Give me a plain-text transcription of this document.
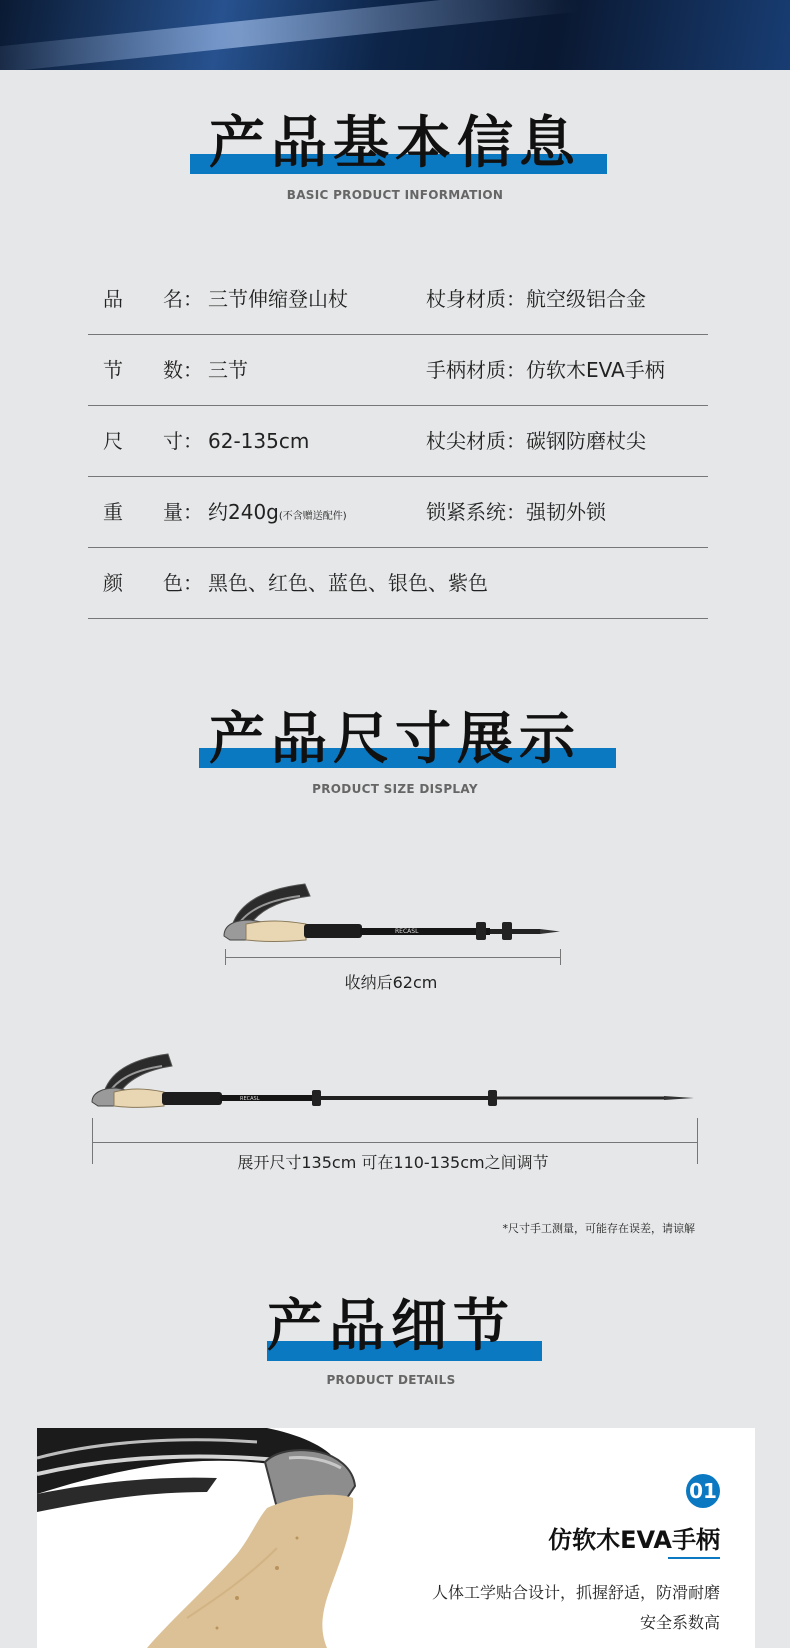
产品基本信息
BASIC PRODUCT INFORMATION
品　　名： 三节伸缩登山杖	杖身材质：航空级铝合金
节　　数： 三节	手柄材质：仿软木EVA手柄
尺　　寸： 62-135cm	杖尖材质：碳钢防磨杖尖
重　　量： 约240g(不含赠送配件)	锁紧系统：强韧外锁
颜　　色： 黑色、红色、蓝色、银色、紫色
产品尺寸展示
PRODUCT SIZE DISPLAY
RECASL
收纳后62cm
RECASL
展开尺寸135cm 可在110-135cm之间调节
*尺寸手工测量，可能存在误差，请谅解
产品细节
PRODUCT DETAILS
01
仿软木EVA手柄
人体工学贴合设计，抓握舒适，防滑耐磨
安全系数高
